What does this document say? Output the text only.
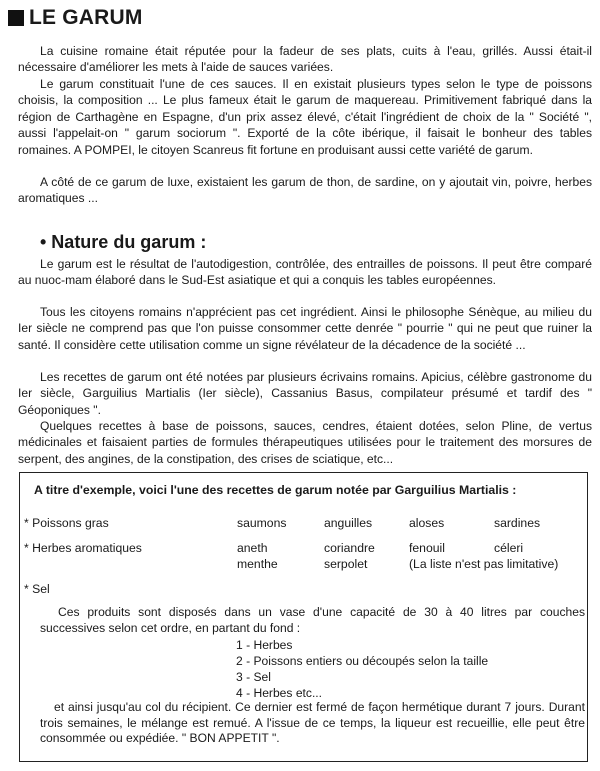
LE GARUM

La cuisine romaine était réputée pour la fadeur de ses plats, cuits à l'eau, grillés. Aussi était-il nécessaire d'améliorer les mets à l'aide de sauces variées.

Le garum constituait l'une de ces sauces. Il en existait plusieurs types selon le type de poissons choisis, la composition ... Le plus fameux était le garum de maquereau. Primitivement fabriqué dans la région de Carthagène en Espagne, d'un prix assez élevé, c'était l'ingrédient de choix de la " Société ", aussi l'appelait-on " garum sociorum ". Exporté de la côte ibérique, il faisait le bonheur des tables romaines. A POMPEI, le citoyen Scanreus fit fortune en produisant aussi cette variété de garum.

A côté de ce garum de luxe, existaient les garum de thon, de sardine, on y ajoutait vin, poivre, herbes aromatiques ...

• Nature du garum :

Le garum est le résultat de l'autodigestion, contrôlée, des entrailles de poissons. Il peut être comparé au nuoc-mam élaboré dans le Sud-Est asiatique et qui a conquis les tables européennes.

Tous les citoyens romains n'apprécient pas cet ingrédient. Ainsi le philosophe Sénèque, au milieu du Ier siècle ne comprend pas que l'on puisse consommer cette denrée " pourrie " qui ne peut que ruiner la santé. Il considère cette utilisation comme un signe révélateur de la décadence de la société ...

Les recettes de garum ont été notées par plusieurs écrivains romains. Apicius, célèbre gastronome du Ier siècle, Garguilius Martialis (Ier siècle), Cassanius Basus, compilateur présumé et tardif des " Géoponiques ".

Quelques recettes à base de poissons, sauces, cendres, étaient dotées, selon Pline, de vertus médicinales et faisaient parties de formules thérapeutiques utilisées pour le traitement des morsures de serpent, des angines, de la constipation, des crises de sciatique, etc...

A titre d'exemple, voici l'une des recettes de garum notée par Garguilius Martialis :
* Poissons gras	saumons	anguilles	aloses	sardines
* Herbes aromatiques	aneth	coriandre	fenouil	céleri
menthe	serpolet	(La liste n'est pas limitative)
* Sel

Ces produits sont disposés dans un vase d'une capacité de 30 à 40 litres par couches successives selon cet ordre, en partant du fond :

1 - Herbes
2 - Poissons entiers ou découpés selon la taille
3 - Sel
4 - Herbes etc...

et ainsi jusqu'au col du récipient. Ce dernier est fermé de façon hermétique durant 7 jours. Durant trois semaines, le mélange est remué. A l'issue de ce temps, la liqueur est recueillie, elle peut être consommée ou expédiée. " BON APPETIT ".
